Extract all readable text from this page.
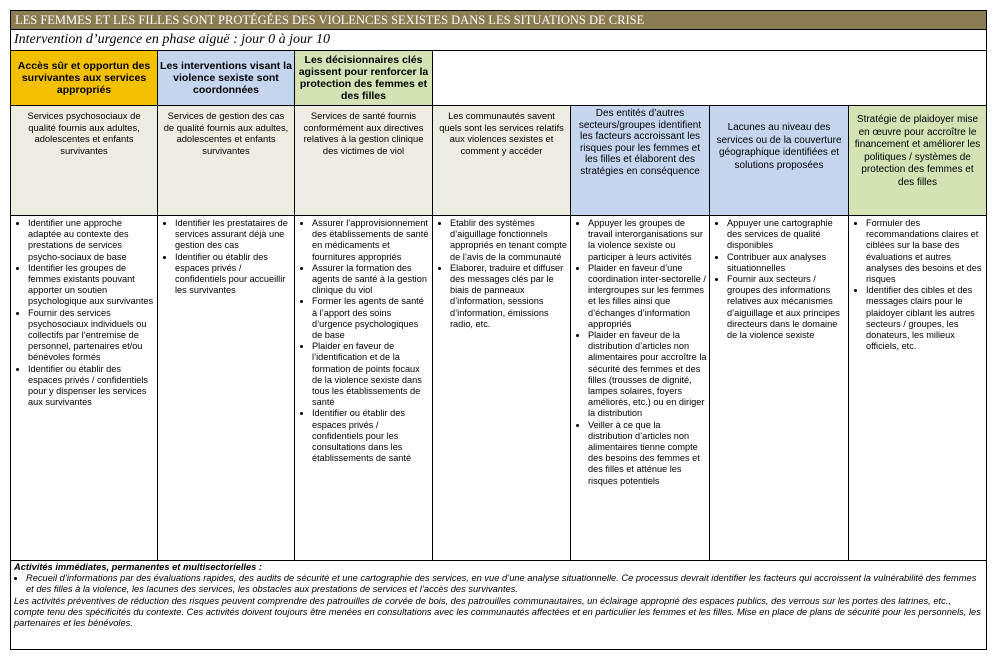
LES FEMMES ET LES FILLES SONT PROTÉGÉES DES VIOLENCES SEXISTES DANS LES SITUATIONS DE CRISE
Intervention d’urgence en phase aiguë : jour 0 à jour 10
Accès sûr et opportun des survivantes aux services appropriés
Les interventions visant la violence sexiste sont coordonnées
Les décisionnaires clés agissent pour renforcer la protection des femmes et des filles
Services psychosociaux de qualité fournis aux adultes, adolescentes et enfants survivantes
Services de gestion des cas de qualité fournis aux adultes, adolescentes et enfants survivantes
Services de santé fournis conformément aux directives relatives à la gestion clinique des victimes de viol
Les communautés savent quels sont les services relatifs aux violences sexistes et comment y accéder
Des entités d’autres secteurs/groupes identifient les facteurs accroissant les risques pour les femmes et les filles et élaborent des stratégies en conséquence
Lacunes au niveau des services ou de la couverture géographique identifiées et solutions proposées
Stratégie de plaidoyer mise en œuvre pour accroître le financement et améliorer les politiques / systèmes de protection des femmes et des filles
• Identifier une approche adaptée au contexte des prestations de services psycho-sociaux de base
• Identifier les groupes de femmes existants pouvant apporter un soutien psychologique aux survivantes
• Fournir des services psychosociaux individuels ou collectifs par l’entremise de personnel, partenaires et/ou bénévoles formés
• Identifier ou établir des espaces privés / confidentiels pour y dispenser les services aux survivantes
• Identifier les prestataires de services assurant déjà une gestion des cas
• Identifier ou établir des espaces privés / confidentiels pour accueillir les survivantes
• Assurer l’approvisionnement des établissements de santé en médicaments et fournitures appropriés
• Assurer la formation des agents de santé à la gestion clinique du viol
• Former les agents de santé à l’apport des soins d’urgence psychologiques de base
• Plaider en faveur de l’identification et de la formation de points focaux de la violence sexiste dans tous les établissements de santé
• Identifier ou établir des espaces privés / confidentiels pour les consultations dans les établissements de santé
• Etablir des systèmes d’aiguillage fonctionnels appropriés en tenant compte de l’avis de la communauté
• Elaborer, traduire et diffuser des messages clés par le biais de panneaux d’information, sessions d’information, émissions radio, etc.
• Appuyer les groupes de travail interorganisations sur la violence sexiste ou participer à leurs activités
• Plaider en faveur d’une coordination inter-sectorelle / intergroupes sur les femmes et les filles ainsi que d’échanges d’information appropriés
• Plaider en faveur de la distribution d’articles non alimentaires pour accroître la sécurité des femmes et des filles (trousses de dignité, lampes solaires, foyers améliorés, etc.) ou en diriger la distribution
• Veiller à ce que la distribution d’articles non alimentaires tienne compte des besoins des femmes et des filles et atténue les risques potentiels
• Appuyer une cartographie des services de qualité disponibles
• Contribuer aux analyses situationnelles
• Fournir aux secteurs / groupes des informations relatives aux mécanismes d’aiguillage et aux principes directeurs dans le domaine de la violence sexiste
• Formuler des recommandations claires et ciblées sur la base des évaluations et autres analyses des besoins et des risques
• Identifier des cibles et des messages clairs pour le plaidoyer ciblant les autres secteurs / groupes, les donateurs, les milieux officiels, etc.
Activités immédiates, permanentes et multisectorielles :
• Recueil d’informations par des évaluations rapides, des audits de sécurité et une cartographie des services, en vue d’une analyse situationnelle. Ce processus devrait identifier les facteurs qui accroissent la vulnérabilité des femmes et des filles à la violence, les lacunes des services, les obstacles aux prestations de services et l’accès des survivantes.

Les activités préventives de réduction des risques peuvent comprendre des patrouilles de corvée de bois, des patrouilles communautaires, un éclairage approprié des espaces publics, des verrous sur les portes des latrines, etc., compte tenu des spécificités du contexte. Ces activités doivent toujours être menées en consultations avec les communautés affectées et en particulier les femmes et les filles. Mise en place de plans de sécurité pour les personnels, les partenaires et les bénévoles.
